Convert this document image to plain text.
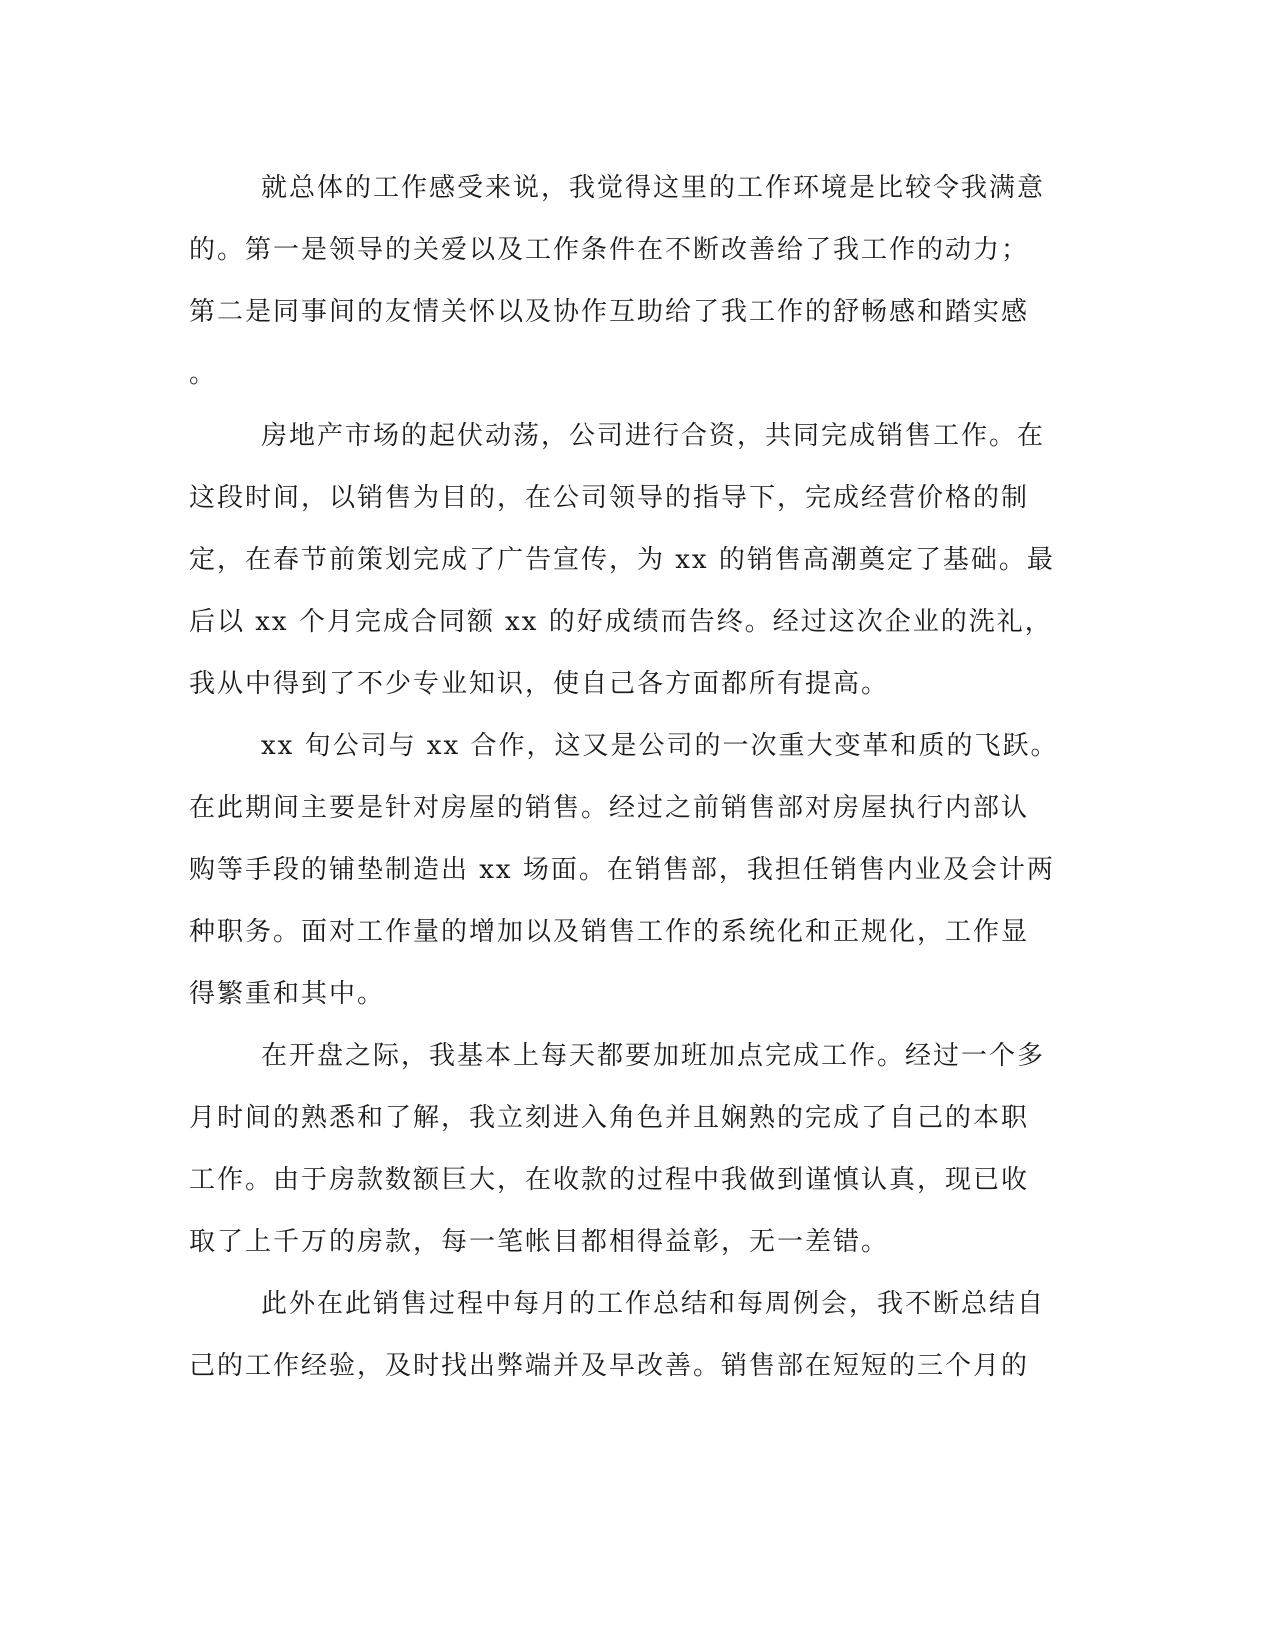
就总体的工作感受来说，我觉得这里的工作环境是比较令我满意
的。第一是领导的关爱以及工作条件在不断改善给了我工作的动力；
第二是同事间的友情关怀以及协作互助给了我工作的舒畅感和踏实感
。
房地产市场的起伏动荡，公司进行合资，共同完成销售工作。在
这段时间，以销售为目的，在公司领导的指导下，完成经营价格的制
定，在春节前策划完成了广告宣传，为 xx 的销售高潮奠定了基础。最
后以 xx 个月完成合同额 xx 的好成绩而告终。经过这次企业的洗礼，
我从中得到了不少专业知识，使自己各方面都所有提高。
xx 旬公司与 xx 合作，这又是公司的一次重大变革和质的飞跃。
在此期间主要是针对房屋的销售。经过之前销售部对房屋执行内部认
购等手段的铺垫制造出 xx 场面。在销售部，我担任销售内业及会计两
种职务。面对工作量的增加以及销售工作的系统化和正规化，工作显
得繁重和其中。
在开盘之际，我基本上每天都要加班加点完成工作。经过一个多
月时间的熟悉和了解，我立刻进入角色并且娴熟的完成了自己的本职
工作。由于房款数额巨大，在收款的过程中我做到谨慎认真，现已收
取了上千万的房款，每一笔帐目都相得益彰，无一差错。
此外在此销售过程中每月的工作总结和每周例会，我不断总结自
己的工作经验，及时找出弊端并及早改善。销售部在短短的三个月的
